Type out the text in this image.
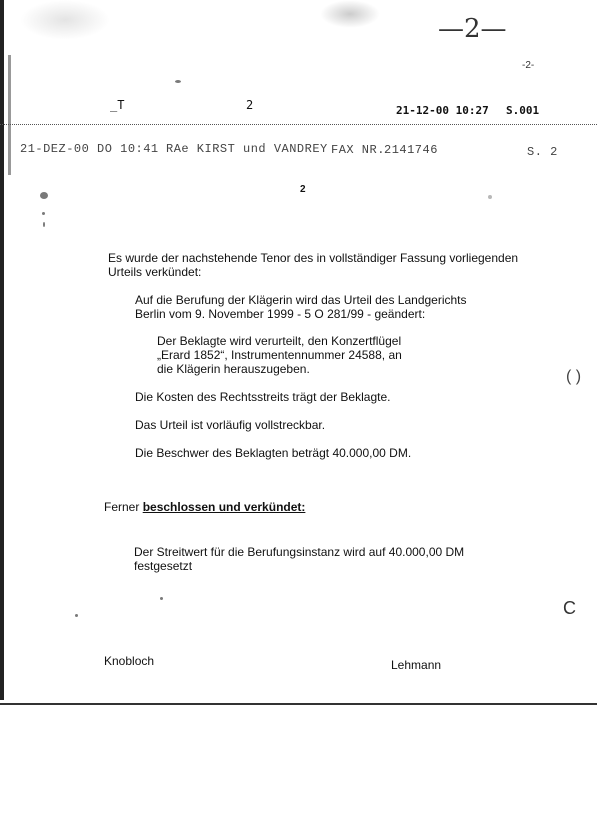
—2—
-2-
_T	2	21-12-00 10:27 S.001
21-DEZ-00 DO 10:41 RAe KIRST und VANDREY FAX NR. 2141746	S. 2
2
Es wurde der nachstehende Tenor des in vollständiger Fassung vorliegenden
Urteils verkündet:
Auf die Berufung der Klägerin wird das Urteil des Landgerichts
Berlin vom 9. November 1999 - 5 O 281/99 - geändert:
Der Beklagte wird verurteilt, den Konzertflügel
„Erard 1852“, Instrumentennummer 24588, an
die Klägerin herauszugeben.
Die Kosten des Rechtsstreits trägt der Beklagte.
Das Urteil ist vorläufig vollstreckbar.
Die Beschwer des Beklagten beträgt 40.000,00 DM.
Ferner beschlossen und verkündet:
Der Streitwert für die Berufungsinstanz wird auf 40.000,00 DM
festgesetzt
( )
C
Knobloch	Lehmann
